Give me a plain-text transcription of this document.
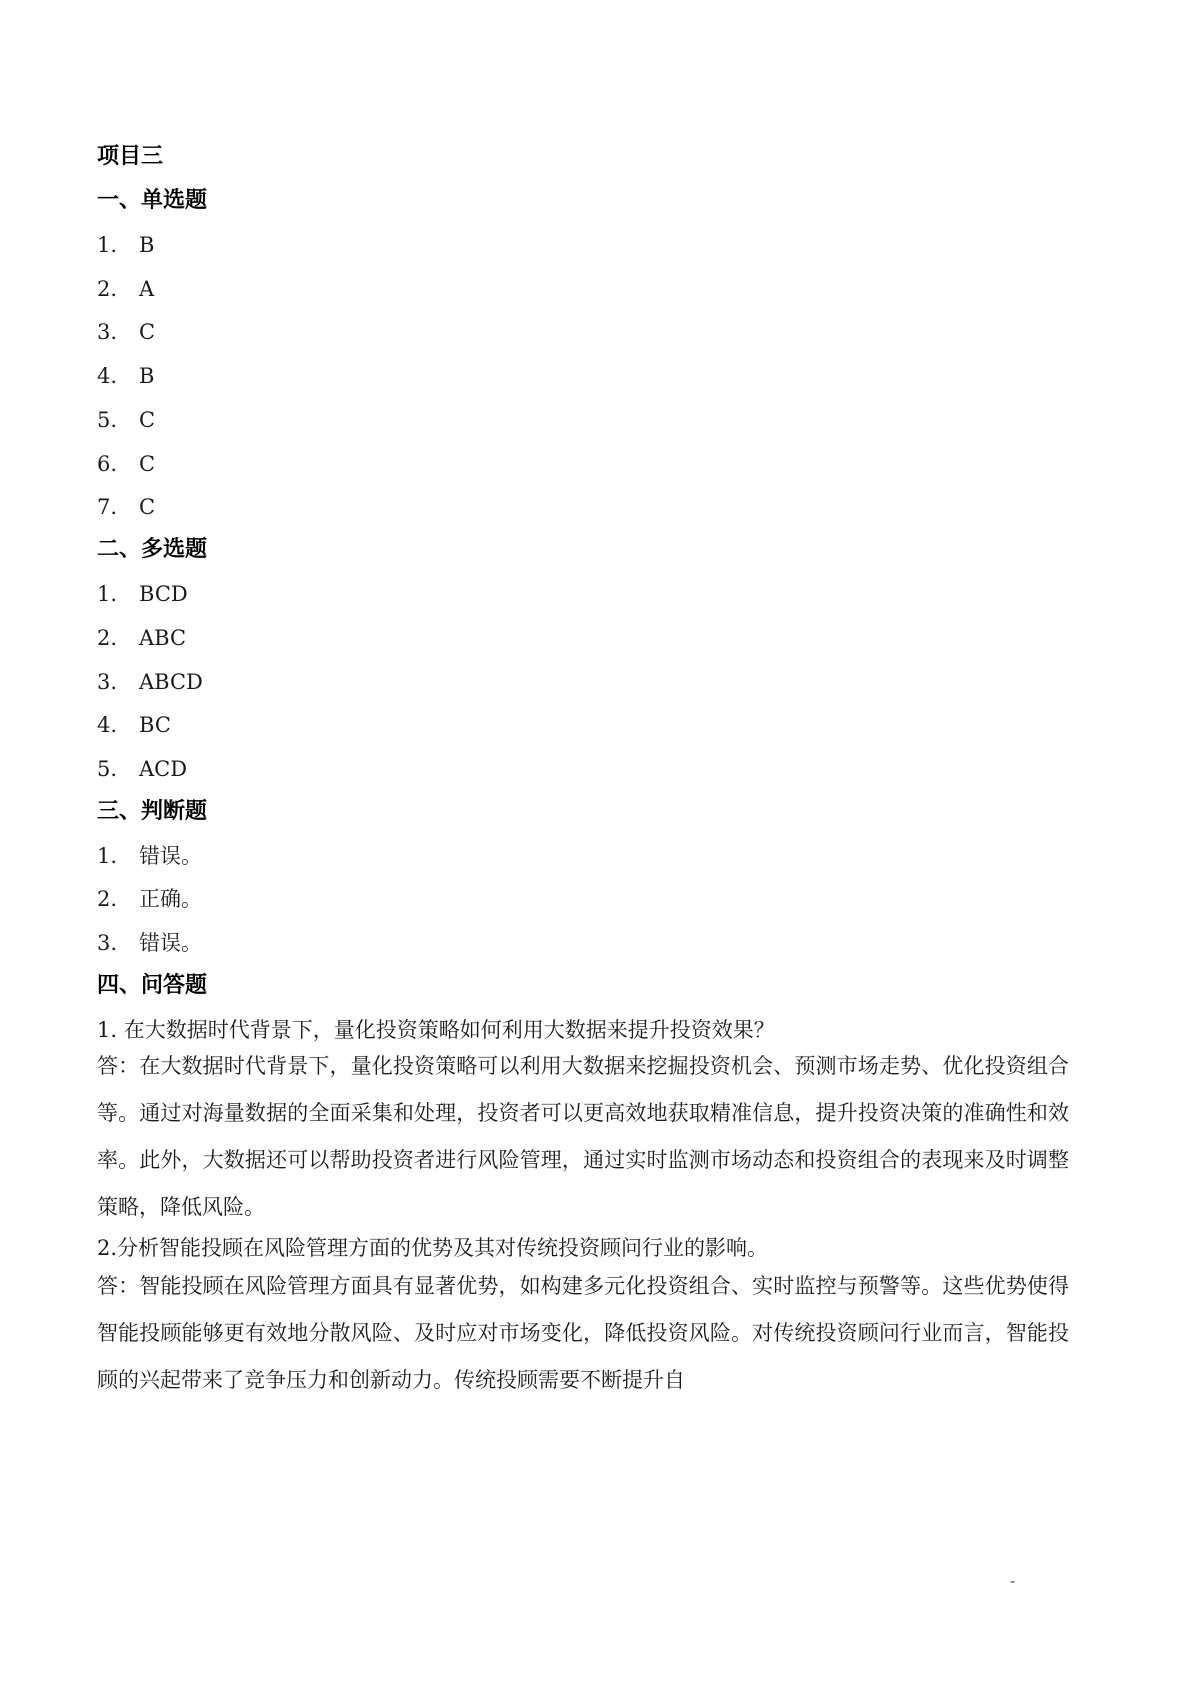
项目三
一、单选题
1. B
2. A
3. C
4. B
5. C
6. C
7. C
二、多选题
1. BCD
2. ABC
3. ABCD
4. BC
5. ACD
三、判断题
1. 错误。
2. 正确。
3. 错误。
四、问答题
1. 在大数据时代背景下，量化投资策略如何利用大数据来提升投资效果？
答：在大数据时代背景下，量化投资策略可以利用大数据来挖掘投资机会、预测市场走势、优化投资组合等。通过对海量数据的全面采集和处理，投资者可以更高效地获取精准信息，提升投资决策的准确性和效率。此外，大数据还可以帮助投资者进行风险管理，通过实时监测市场动态和投资组合的表现来及时调整策略，降低风险。
2.分析智能投顾在风险管理方面的优势及其对传统投资顾问行业的影响。
答：智能投顾在风险管理方面具有显著优势，如构建多元化投资组合、实时监控与预警等。这些优势使得智能投顾能够更有效地分散风险、及时应对市场变化，降低投资风险。对传统投资顾问行业而言，智能投顾的兴起带来了竞争压力和创新动力。传统投顾需要不断提升自
-
